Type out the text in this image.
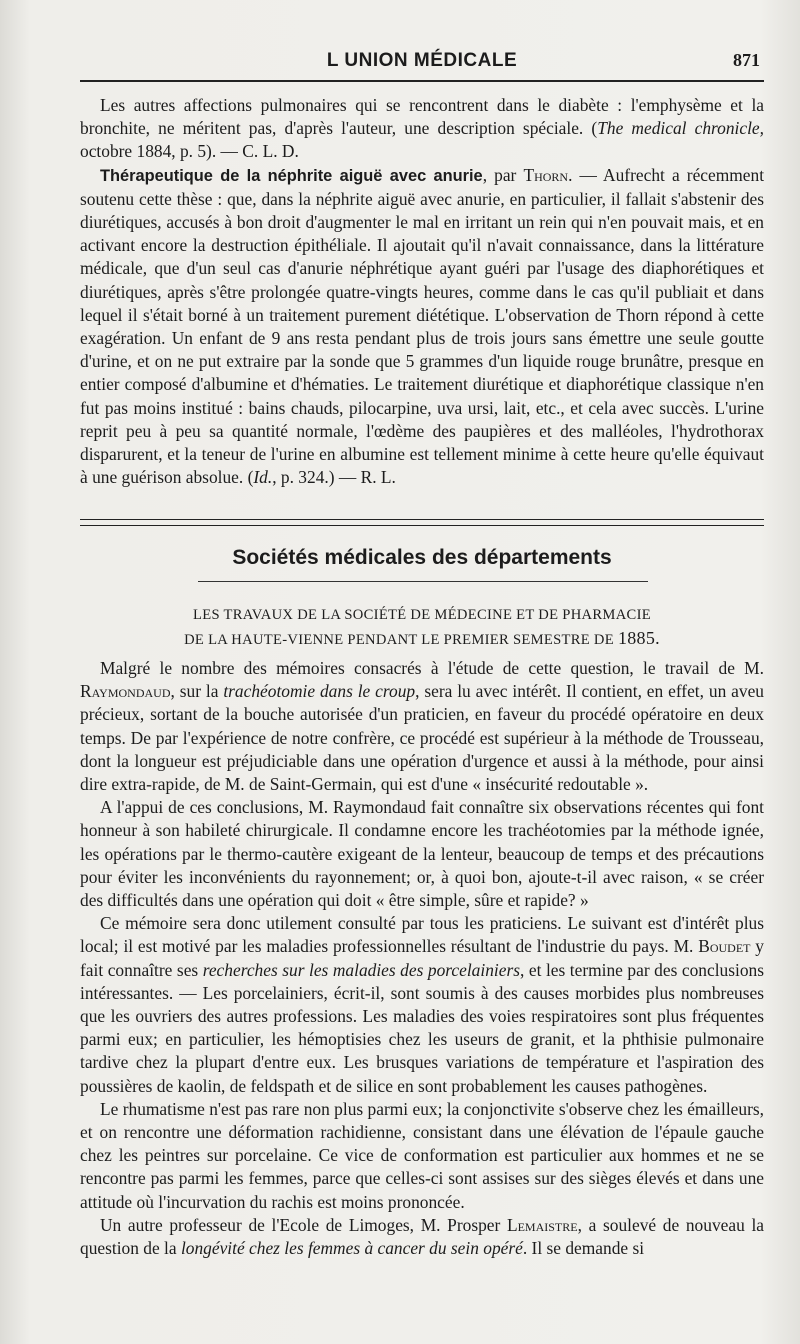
L UNION MÉDICALE	871

Les autres affections pulmonaires qui se rencontrent dans le diabète : l'emphysème et la bronchite, ne méritent pas, d'après l'auteur, une description spéciale. (The medical chronicle, octobre 1884, p. 5). — C. L. D.

Thérapeutique de la néphrite aiguë avec anurie, par Thorn. — Aufrecht a récemment soutenu cette thèse : que, dans la néphrite aiguë avec anurie, en particulier, il fallait s'abstenir des diurétiques, accusés à bon droit d'augmenter le mal en irritant un rein qui n'en pouvait mais, et en activant encore la destruction épithéliale. Il ajoutait qu'il n'avait connaissance, dans la littérature médicale, que d'un seul cas d'anurie néphrétique ayant guéri par l'usage des diaphorétiques et diurétiques, après s'être prolongée quatre-vingts heures, comme dans le cas qu'il publiait et dans lequel il s'était borné à un traitement purement diététique. L'observation de Thorn répond à cette exagération. Un enfant de 9 ans resta pendant plus de trois jours sans émettre une seule goutte d'urine, et on ne put extraire par la sonde que 5 grammes d'un liquide rouge brunâtre, presque en entier composé d'albumine et d'hématies. Le traitement diurétique et diaphorétique classique n'en fut pas moins institué : bains chauds, pilocarpine, uva ursi, lait, etc., et cela avec succès. L'urine reprit peu à peu sa quantité normale, l'œdème des paupières et des malléoles, l'hydrothorax disparurent, et la teneur de l'urine en albumine est tellement minime à cette heure qu'elle équivaut à une guérison absolue. (Id., p. 324.) — R. L.

Sociétés médicales des départements
LES TRAVAUX DE LA SOCIÉTÉ DE MÉDECINE ET DE PHARMACIE
DE LA HAUTE-VIENNE PENDANT LE PREMIER SEMESTRE DE 1885.

Malgré le nombre des mémoires consacrés à l'étude de cette question, le travail de M. Raymondaud, sur la trachéotomie dans le croup, sera lu avec intérêt. Il contient, en effet, un aveu précieux, sortant de la bouche autorisée d'un praticien, en faveur du procédé opératoire en deux temps. De par l'expérience de notre confrère, ce procédé est supérieur à la méthode de Trousseau, dont la longueur est préjudiciable dans une opération d'urgence et aussi à la méthode, pour ainsi dire extra-rapide, de M. de Saint-Germain, qui est d'une « insécurité redoutable ».

A l'appui de ces conclusions, M. Raymondaud fait connaître six observations récentes qui font honneur à son habileté chirurgicale. Il condamne encore les trachéotomies par la méthode ignée, les opérations par le thermo-cautère exigeant de la lenteur, beaucoup de temps et des précautions pour éviter les inconvénients du rayonnement; or, à quoi bon, ajoute-t-il avec raison, « se créer des difficultés dans une opération qui doit « être simple, sûre et rapide? »

Ce mémoire sera donc utilement consulté par tous les praticiens. Le suivant est d'intérêt plus local; il est motivé par les maladies professionnelles résultant de l'industrie du pays. M. Boudet y fait connaître ses recherches sur les maladies des porcelainiers, et les termine par des conclusions intéressantes. — Les porcelainiers, écrit-il, sont soumis à des causes morbides plus nombreuses que les ouvriers des autres professions. Les maladies des voies respiratoires sont plus fréquentes parmi eux; en particulier, les hémoptisies chez les useurs de granit, et la phthisie pulmonaire tardive chez la plupart d'entre eux. Les brusques variations de température et l'aspiration des poussières de kaolin, de feldspath et de silice en sont probablement les causes pathogènes.

Le rhumatisme n'est pas rare non plus parmi eux; la conjonctivite s'observe chez les émailleurs, et on rencontre une déformation rachidienne, consistant dans une élévation de l'épaule gauche chez les peintres sur porcelaine. Ce vice de conformation est particulier aux hommes et ne se rencontre pas parmi les femmes, parce que celles-ci sont assises sur des sièges élevés et dans une attitude où l'incurvation du rachis est moins prononcée.

Un autre professeur de l'Ecole de Limoges, M. Prosper Lemaistre, a soulevé de nouveau la question de la longévité chez les femmes à cancer du sein opéré. Il se demande si
